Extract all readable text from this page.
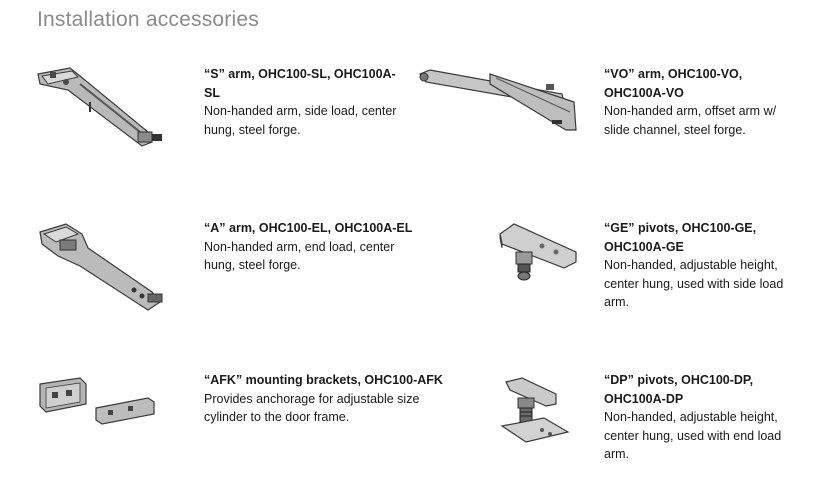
Installation accessories
“S” arm, OHC100-SL, OHC100A-SL
Non-handed arm, side load, center hung, steel forge.
“VO” arm, OHC100-VO, OHC100A-VO
Non-handed arm, offset arm w/ slide channel, steel forge.
“A” arm, OHC100-EL, OHC100A-EL
Non-handed arm, end load, center hung, steel forge.
“GE” pivots, OHC100-GE, OHC100A-GE
Non-handed, adjustable height, center hung, used with side load arm.
“AFK” mounting brackets, OHC100-AFK
Provides anchorage for adjustable size cylinder to the door frame.
“DP” pivots, OHC100-DP, OHC100A-DP
Non-handed, adjustable height, center hung, used with end load arm.
